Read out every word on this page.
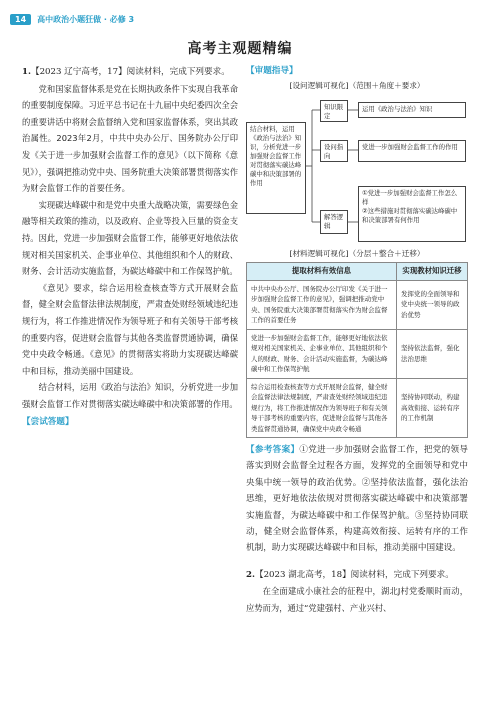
14	高中政治小题狂做 · 必修 3
高考主观题精编

1.【2023 辽宁高考，17】阅读材料，完成下列要求。

党和国家监督体系是党在长期执政条件下实现自我革命的重要制度保障。习近平总书记在十九届中央纪委四次全会的重要讲话中将财会监督纳入党和国家监督体系，突出其政治属性。2023年2月，中共中央办公厅、国务院办公厅印发《关于进一步加强财会监督工作的意见》（以下简称《意见》），强调把推动党中央、国务院重大决策部署贯彻落实作为财会监督工作的首要任务。

实现碳达峰碳中和是党中央重大战略决策，需要绿色金融等相关政策的推动，以及政府、企业等投入巨量的资金支持。因此，党进一步加强财会监督工作，能够更好地依法依规对相关国家机关、企事业单位、其他组织和个人的财政、财务、会计活动实施监督，为碳达峰碳中和工作保驾护航。

《意见》要求，综合运用检查核查等方式开展财会监督，健全财会监督法律法规制度，严肃查处财经领域违纪违规行为，将工作推进情况作为领导班子和有关领导干部考核的重要内容，促进财会监督与其他各类监督贯通协调，确保党中央政令畅通。《意见》的贯彻落实将助力实现碳达峰碳中和目标，推动美丽中国建设。

结合材料，运用《政治与法治》知识，分析党进一步加强财会监督工作对贯彻落实碳达峰碳中和决策部署的作用。

【尝试答题】
【审题指导】
[设问逻辑可视化]（范围＋角度＋要求）
结合材料，运用《政治与法治》知识，分析党进一步加强财会监督工作对贯彻落实碳达峰碳中和决策部署的作用
知识限定
设问指向
解答逻辑
运用《政治与法治》知识
党进一步加强财会监督工作的作用
①党进一步加强财会监督工作怎么样
②这些措施对贯彻落实碳达峰碳中和决策部署有何作用
[材料逻辑可视化]（分层＋整合＋迁移）
提取材料有效信息	实现教材知识迁移
中共中央办公厅、国务院办公厅印发《关于进一步加强财会监督工作的意见》，强调把推动党中央、国务院重大决策部署贯彻落实作为财会监督工作的首要任务	发挥党的全面领导和党中央统一领导的政治优势
党进一步加强财会监督工作，能够更好地依法依规对相关国家机关、企事业单位、其他组织和个人的财政、财务、会计活动实施监督，为碳达峰碳中和工作保驾护航	坚持依法监督，强化法治思维
综合运用检查核查等方式开展财会监督，健全财会监督法律法规制度，严肃查处财经领域违纪违规行为，将工作推进情况作为领导班子和有关领导干部考核的重要内容，促进财会监督与其他各类监督贯通协调，确保党中央政令畅通	坚持协同联动，构建高效衔接、运转有序的工作机制
【参考答案】①党进一步加强财会监督工作，把党的领导落实到财会监督全过程各方面，发挥党的全面领导和党中央集中统一领导的政治优势。②坚持依法监督，强化法治思维，更好地依法依规对贯彻落实碳达峰碳中和决策部署实施监督，为碳达峰碳中和工作保驾护航。③坚持协同联动，健全财会监督体系，构建高效衔接、运转有序的工作机制，助力实现碳达峰碳中和目标，推动美丽中国建设。

2.【2023 湖北高考，18】阅读材料，完成下列要求。

在全面建成小康社会的征程中，湖北J村党委顺时而动，应势而为，通过“党建强村、产业兴村、
